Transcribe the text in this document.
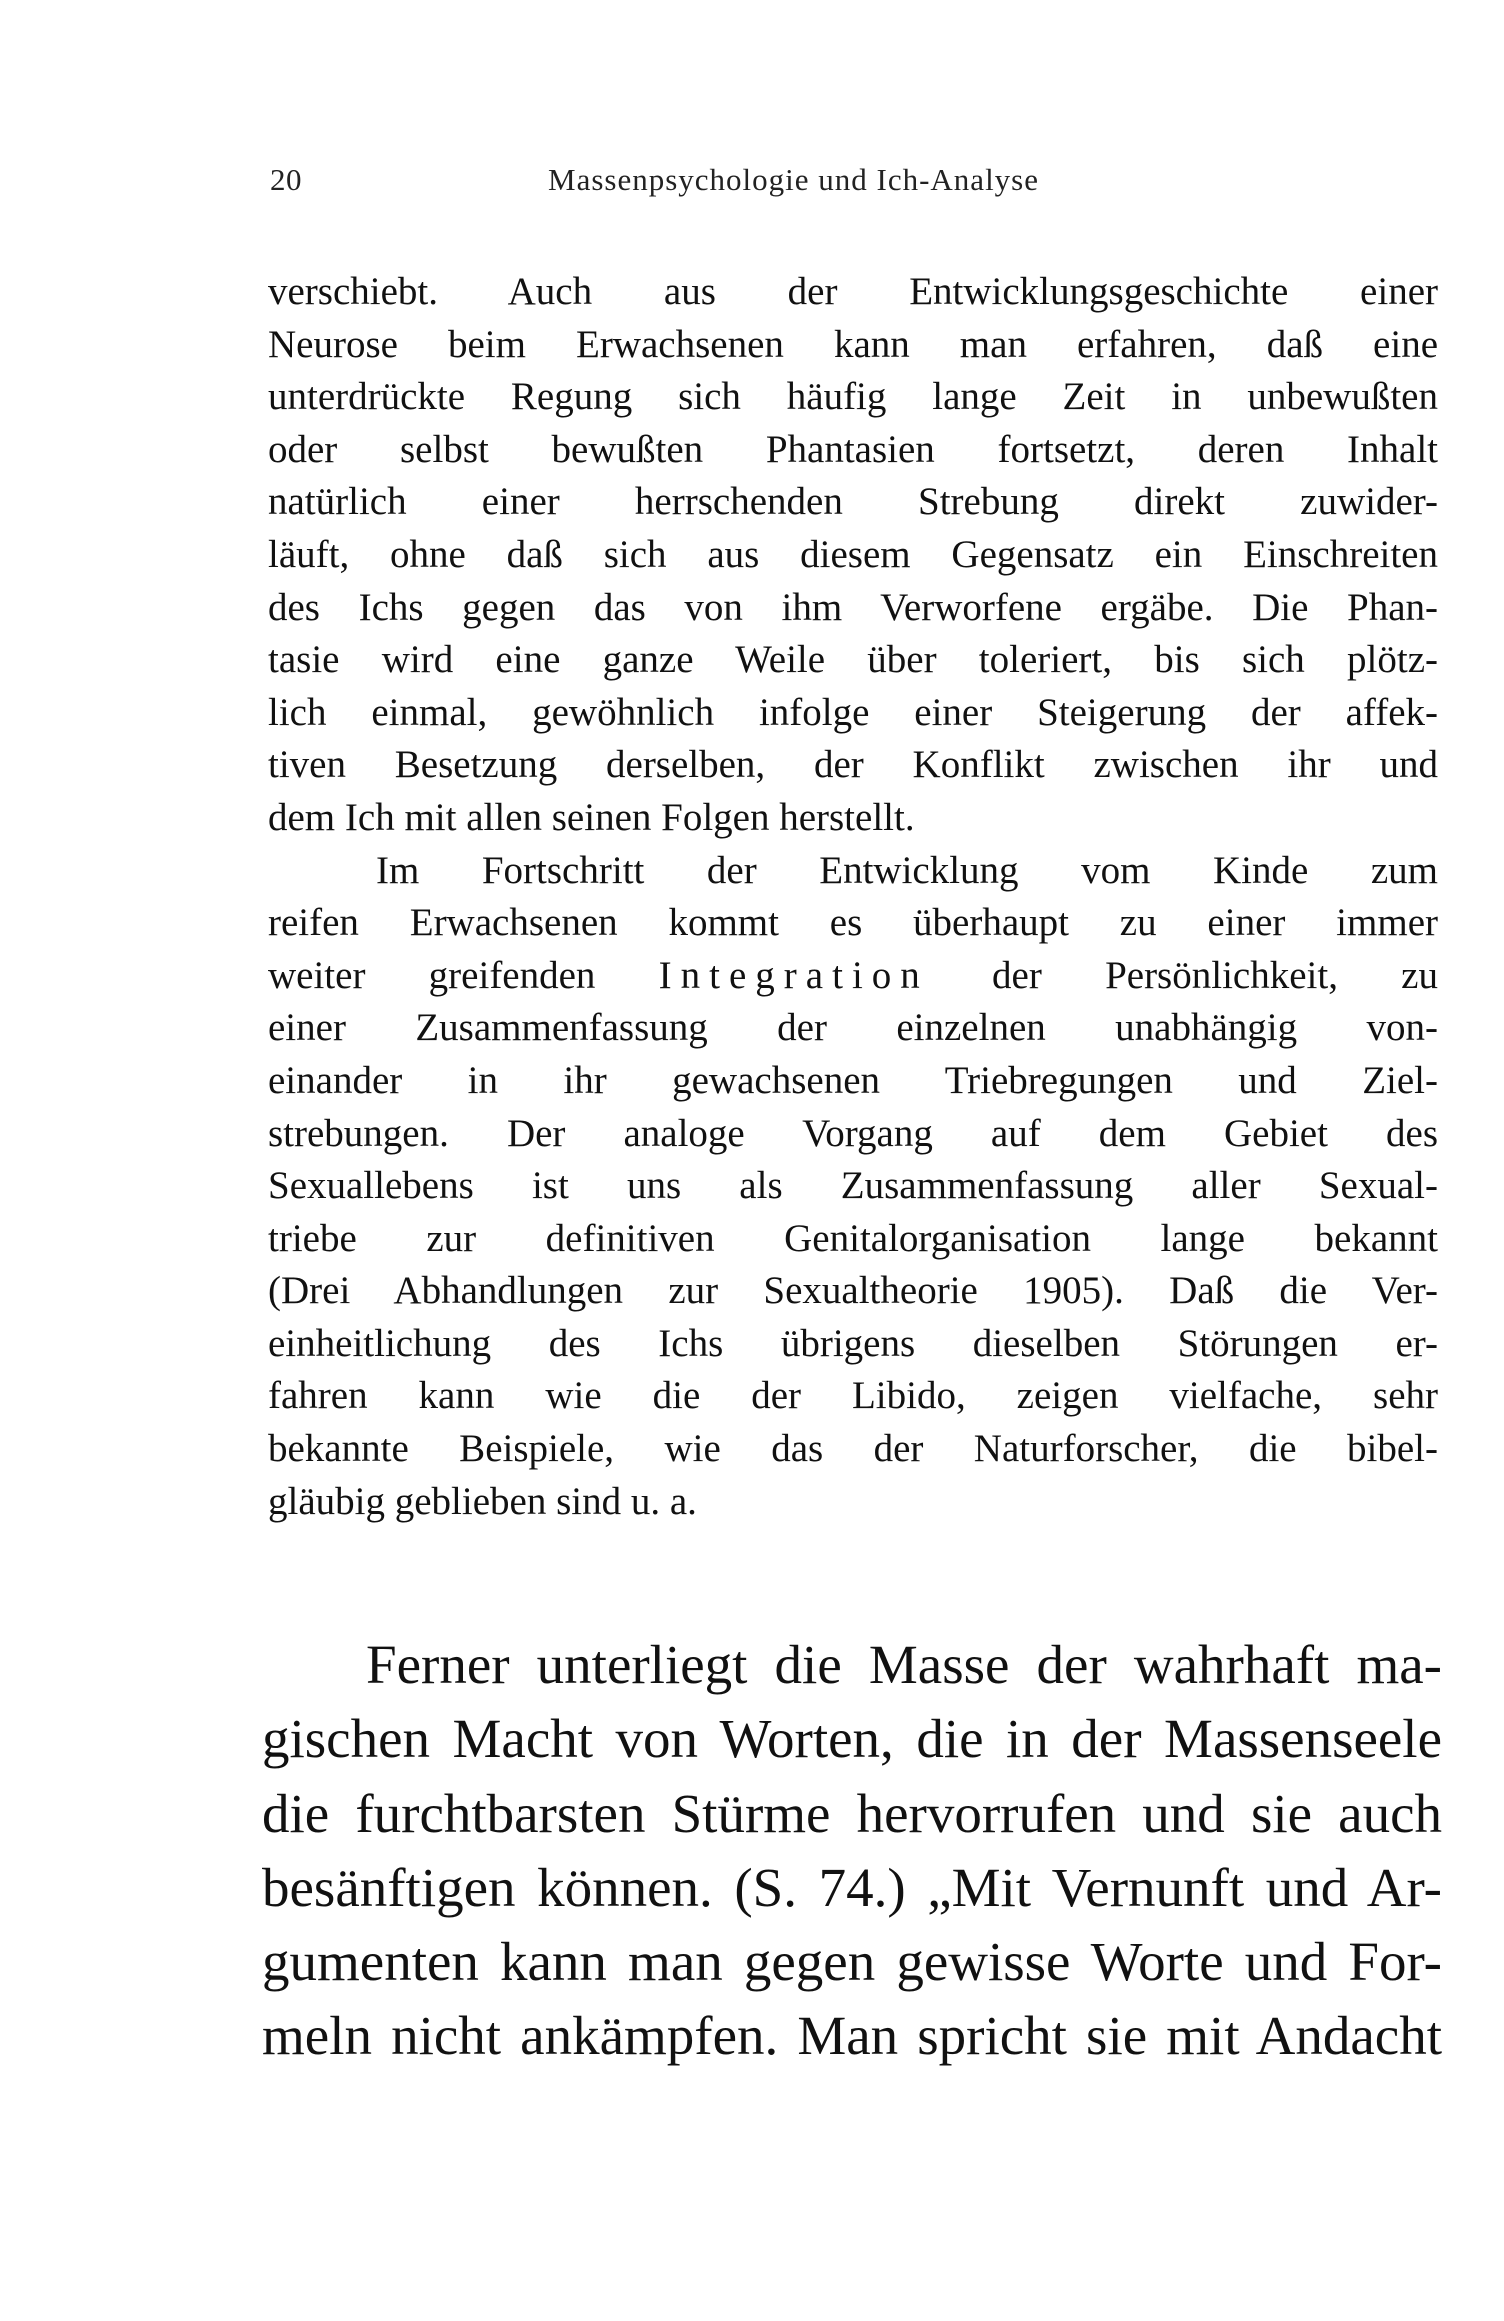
20	Massenpsychologie und Ich-Analyse
verschiebt. Auch aus der Entwicklungsgeschichte einer
Neurose beim Erwachsenen kann man erfahren, daß eine
unterdrückte Regung sich häufig lange Zeit in unbewußten
oder selbst bewußten Phantasien fortsetzt, deren Inhalt
natürlich einer herrschenden Strebung direkt zuwider-
läuft, ohne daß sich aus diesem Gegensatz ein Einschreiten
des Ichs gegen das von ihm Verworfene ergäbe. Die Phan-
tasie wird eine ganze Weile über toleriert, bis sich plötz-
lich einmal, gewöhnlich infolge einer Steigerung der affek-
tiven Besetzung derselben, der Konflikt zwischen ihr und
dem Ich mit allen seinen Folgen herstellt.
Im Fortschritt der Entwicklung vom Kinde zum
reifen Erwachsenen kommt es überhaupt zu einer immer
weiter greifenden Integration der Persönlichkeit, zu
einer Zusammenfassung der einzelnen unabhängig von-
einander in ihr gewachsenen Triebregungen und Ziel-
strebungen. Der analoge Vorgang auf dem Gebiet des
Sexuallebens ist uns als Zusammenfassung aller Sexual-
triebe zur definitiven Genitalorganisation lange bekannt
(Drei Abhandlungen zur Sexualtheorie 1905). Daß die Ver-
einheitlichung des Ichs übrigens dieselben Störungen er-
fahren kann wie die der Libido, zeigen vielfache, sehr
bekannte Beispiele, wie das der Naturforscher, die bibel-
gläubig geblieben sind u. a.
Ferner unterliegt die Masse der wahrhaft ma-
gischen Macht von Worten, die in der Massenseele
die furchtbarsten Stürme hervorrufen und sie auch
besänftigen können. (S. 74.) „Mit Vernunft und Ar-
gumenten kann man gegen gewisse Worte und For-
meln nicht ankämpfen. Man spricht sie mit Andacht
